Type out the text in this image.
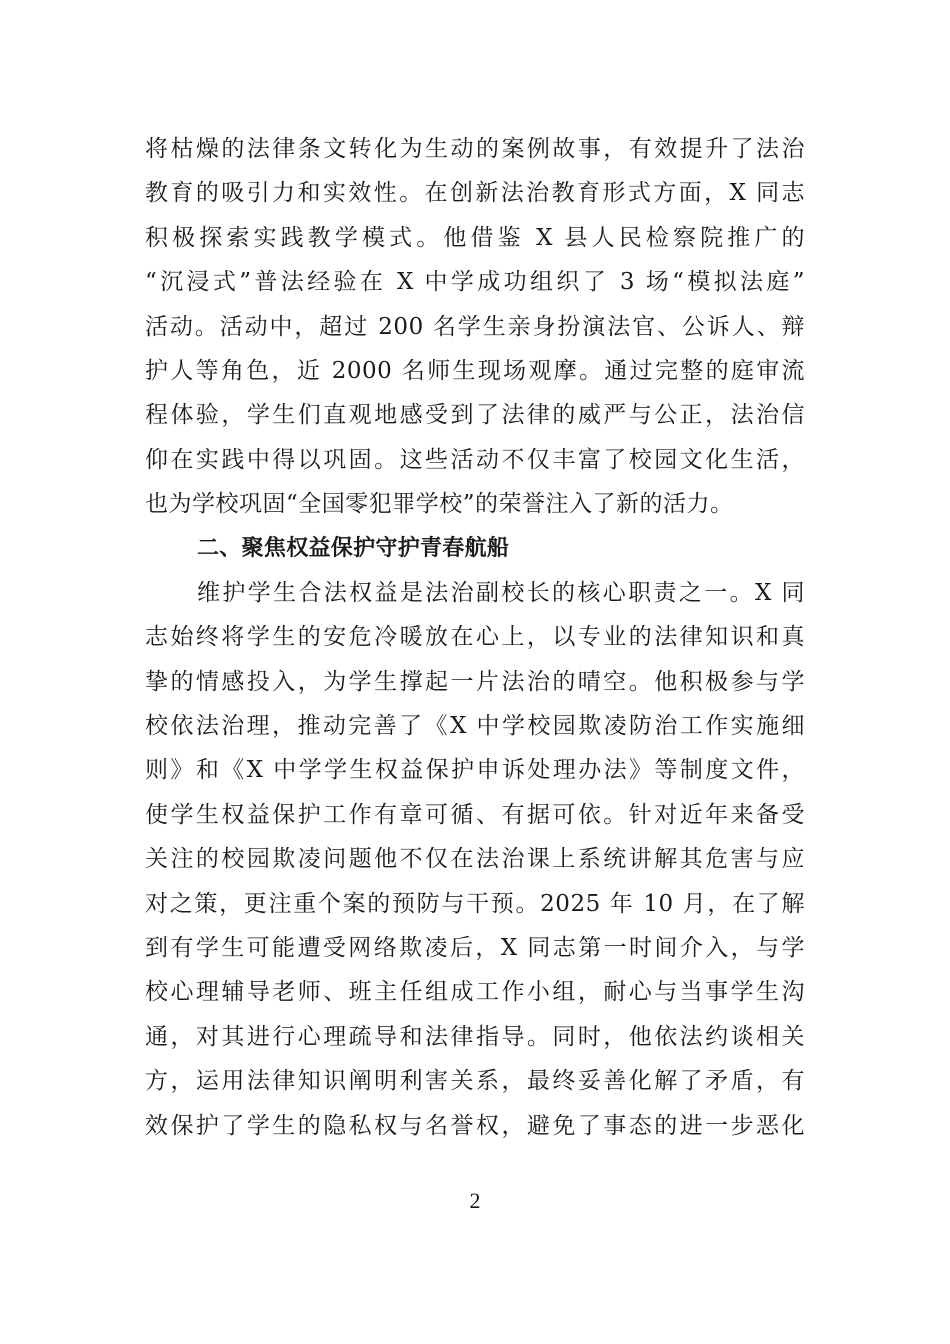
将枯燥的法律条文转化为生动的案例故事，有效提升了法治
教育的吸引力和实效性。在创新法治教育形式方面，X 同志
积极探索实践教学模式。他借鉴 X 县人民检察院推广的
“沉浸式”普法经验在 X 中学成功组织了 3 场“模拟法庭”
活动。活动中，超过 200 名学生亲身扮演法官、公诉人、辩
护人等角色，近 2000 名师生现场观摩。通过完整的庭审流
程体验，学生们直观地感受到了法律的威严与公正，法治信
仰在实践中得以巩固。这些活动不仅丰富了校园文化生活，
也为学校巩固“全国零犯罪学校”的荣誉注入了新的活力。
二、聚焦权益保护守护青春航船
维护学生合法权益是法治副校长的核心职责之一。X 同
志始终将学生的安危冷暖放在心上，以专业的法律知识和真
挚的情感投入，为学生撑起一片法治的晴空。他积极参与学
校依法治理，推动完善了《X 中学校园欺凌防治工作实施细
则》和《X 中学学生权益保护申诉处理办法》等制度文件，
使学生权益保护工作有章可循、有据可依。针对近年来备受
关注的校园欺凌问题他不仅在法治课上系统讲解其危害与应
对之策，更注重个案的预防与干预。2025 年 10 月，在了解
到有学生可能遭受网络欺凌后，X 同志第一时间介入，与学
校心理辅导老师、班主任组成工作小组，耐心与当事学生沟
通，对其进行心理疏导和法律指导。同时，他依法约谈相关
方，运用法律知识阐明利害关系，最终妥善化解了矛盾，有
效保护了学生的隐私权与名誉权，避免了事态的进一步恶化
2
